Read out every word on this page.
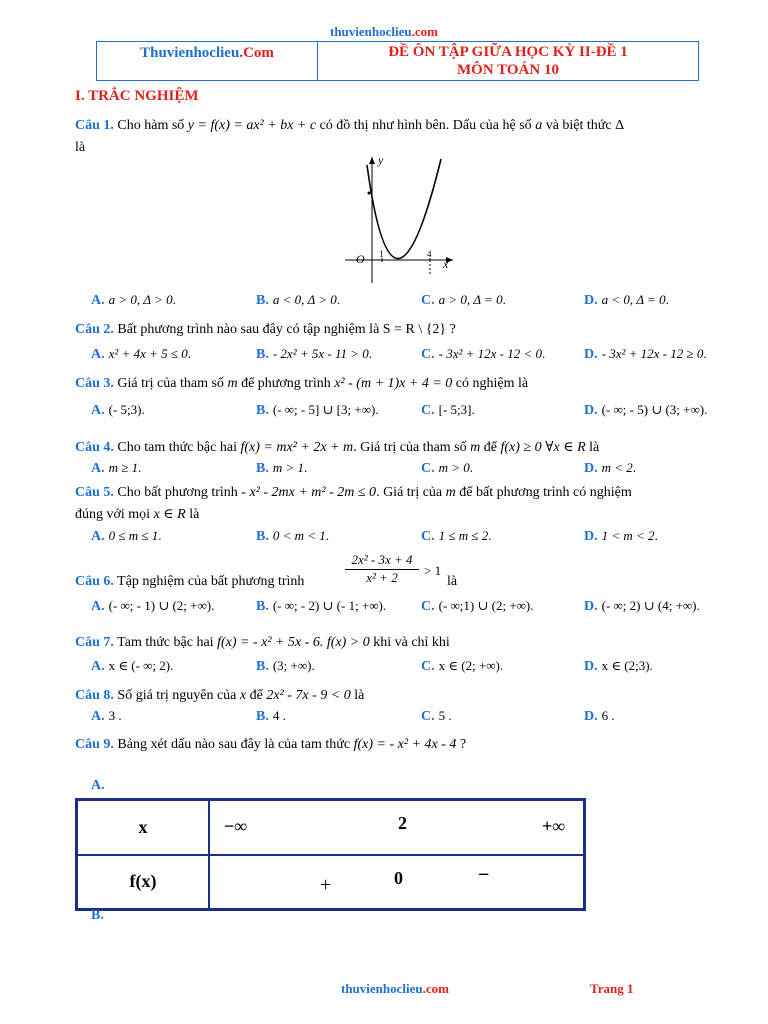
thuvienhoclieu.com
Thuvienhoclieu .Com	ĐỀ ÔN TẬP GIỮA HỌC KỲ II-ĐỀ 1
MÔN TOÁN 10
I. TRẮC NGHIỆM
Câu 1. Cho hàm số y = f(x) = ax² + bx + c có đồ thị như hình bên. Dấu của hệ số a và biệt thức Δ
là
y
x
O 1	4
A. a > 0, Δ > 0.	B. a < 0, Δ > 0.	C. a > 0, Δ = 0.	D. a < 0, Δ = 0.
Câu 2. Bất phương trình nào sau đây có tập nghiệm là S = R \ {2} ?
A. x² + 4x + 5 ≤ 0.	B. - 2x² + 5x - 11 > 0.	C. - 3x² + 12x - 12 < 0.	D. - 3x² + 12x - 12 ≥ 0.
Câu 3. Giá trị của tham số m để phương trình x² - (m + 1)x + 4 = 0 có nghiệm là
A. (- 5;3).	B. (- ∞; - 5] ∪ [3; +∞).	C. [- 5;3].	D. (- ∞; - 5) ∪ (3; +∞).
Câu 4. Cho tam thức bậc hai f(x) = mx² + 2x + m. Giá trị của tham số m để f(x) ≥ 0 ∀x ∈ R là
A. m ≥ 1.	B. m > 1.	C. m > 0.	D. m < 2.
Câu 5. Cho bất phương trình - x² - 2mx + m² - 2m ≤ 0. Giá trị của m để bất phương trình có nghiệm
đúng với mọi x ∈ R là
A. 0 ≤ m ≤ 1.	B. 0 < m < 1.	C. 1 ≤ m ≤ 2.	D. 1 < m < 2.
Câu 6. Tập nghiệm của bất phương trình
2x² - 3x + 4
x² + 2	> 1
là
A. (- ∞; - 1) ∪ (2; +∞).	B. (- ∞; - 2) ∪ (- 1; +∞). C. (- ∞;1) ∪ (2; +∞).	D. (- ∞; 2) ∪ (4; +∞).
Câu 7. Tam thức bậc hai f(x) = - x² + 5x - 6. f(x) > 0 khi và chỉ khi
A. x ∈ (- ∞; 2).	B. (3; +∞).	C. x ∈ (2; +∞).	D. x ∈ (2;3).
Câu 8. Số giá trị nguyên của x để 2x² - 7x - 9 < 0 là
A. 3 .	B. 4 .	C. 5 .	D. 6 .
Câu 9. Bảng xét dấu nào sau đây là của tam thức f(x) = - x² + 4x - 4 ?
A.
x	−∞ 2 +∞

f(x)	+ 0 −
B.
thuvienhoclieu.com	Trang 1
